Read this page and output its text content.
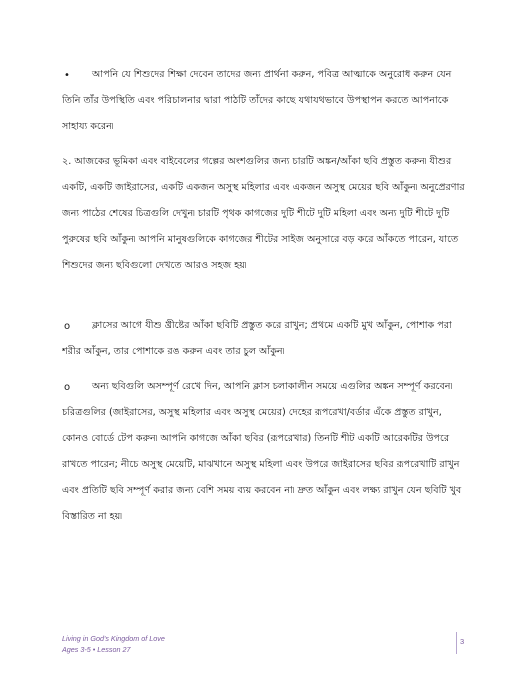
•	আপনি যে শিশুদের শিক্ষা দেবেন তাদের জন্য প্রার্থনা করুন, পবিত্র আত্মাকে অনুরোধ করুন যেন
তিনি তাঁর উপস্থিতি এবং পরিচালনার দ্বারা পাঠটি তাঁদের কাছে যথাযথভাবে উপস্থাপন করতে আপনাকে
সাহায্য করেন৷

২. আজকের ভূমিকা এবং বাইবেলের গল্পের অংশগুলির জন্য চারটি অঙ্কন/আঁকা ছবি প্রস্তুত করুন৷ যীশুর
একটি, একটি জাইরাসের, একটি একজন অসুস্থ মহিলার এবং একজন অসুস্থ মেয়ের ছবি আঁকুন৷ অনুপ্রেরণার
জন্য পাঠের শেষের চিত্রগুলি দেখুন৷ চারটি পৃথক কাগজের দুটি শীটে দুটি মহিলা এবং অন্য দুটি শীটে দুটি
পুরুষের ছবি আঁকুন৷ আপনি মানুষগুলিকে কাগজের শীটের সাইজ অনুসারে বড় করে আঁকতে পারেন, যাতে
শিশুদের জন্য ছবিগুলো দেখতে আরও সহজ হয়৷

o	ক্লাসের আগে যীশু খ্রীষ্টের আঁকা ছবিটি প্রস্তুত করে রাখুন; প্রথমে একটি মুখ আঁকুন, পোশাক পরা
শরীর আঁকুন, তার পোশাকে রঙ করুন এবং তার চুল আঁকুন৷

o	অন্য ছবিগুলি অসম্পূর্ণ রেখে দিন, আপনি ক্লাস চলাকালীন সময়ে এগুলির অঙ্কন সম্পূর্ণ করবেন৷
চরিত্রগুলির (জাইরাসের, অসুস্থ মহিলার এবং অসুস্থ মেয়ের) দেহের রূপরেখা/বর্ডার এঁকে প্রস্তুত রাখুন,
কোনও বোর্ডে টেপ করুন৷ আপনি কাগজে আঁকা ছবির (রূপরেখার) তিনটি শীট একটি আরেকটির উপরে
রাখতে পারেন; নীচে অসুস্থ মেয়েটি, মাঝখানে অসুস্থ মহিলা এবং উপরে জাইরাসের ছবির রূপরেখাটি রাখুন
এবং প্রতিটি ছবি সম্পূর্ণ করার জন্য বেশি সময় ব্যয় করবেন না৷ দ্রুত আঁকুন এবং লক্ষ্য রাখুন যেন ছবিটি খুব
বিস্তারিত না হয়৷

Living in God's Kingdom of Love
Ages 3-5 • Lesson 27
3
